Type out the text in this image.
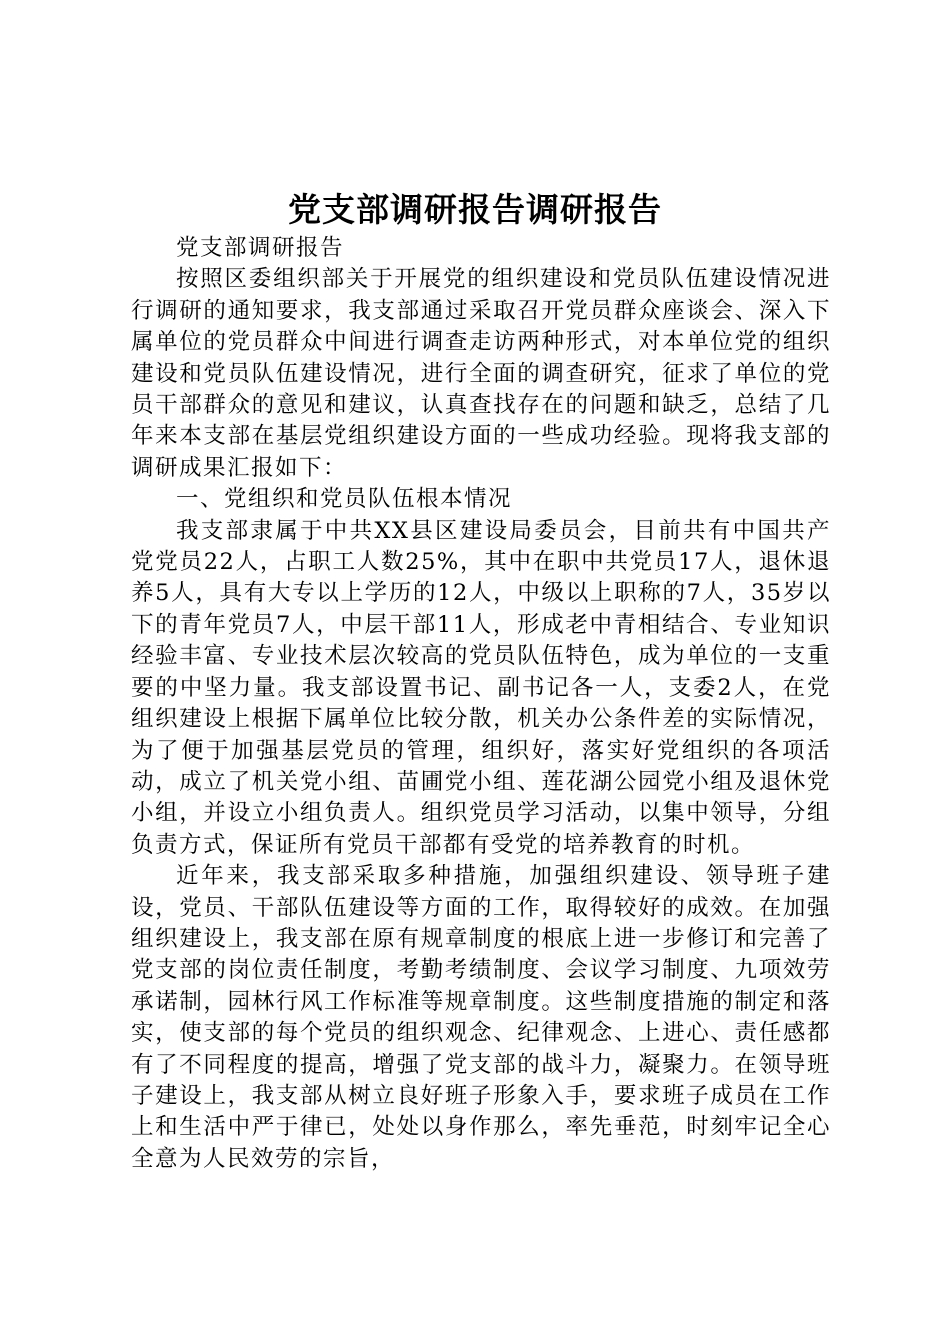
党支部调研报告调研报告

党支部调研报告

按照区委组织部关于开展党的组织建设和党员队伍建设情况进行调研的通知要求，我支部通过采取召开党员群众座谈会、深入下属单位的党员群众中间进行调查走访两种形式，对本单位党的组织建设和党员队伍建设情况，进行全面的调查研究，征求了单位的党员干部群众的意见和建议，认真查找存在的问题和缺乏，总结了几年来本支部在基层党组织建设方面的一些成功经验。现将我支部的调研成果汇报如下：

一、党组织和党员队伍根本情况

我支部隶属于中共XX县区建设局委员会，目前共有中国共产党党员22人，占职工人数25%，其中在职中共党员17人，退休退养5人，具有大专以上学历的12人，中级以上职称的7人，35岁以下的青年党员7人，中层干部11人，形成老中青相结合、专业知识经验丰富、专业技术层次较高的党员队伍特色，成为单位的一支重要的中坚力量。我支部设置书记、副书记各一人，支委2人，在党组织建设上根据下属单位比较分散，机关办公条件差的实际情况，为了便于加强基层党员的管理，组织好，落实好党组织的各项活动，成立了机关党小组、苗圃党小组、莲花湖公园党小组及退休党小组，并设立小组负责人。组织党员学习活动，以集中领导，分组负责方式，保证所有党员干部都有受党的培养教育的时机。

近年来，我支部采取多种措施，加强组织建设、领导班子建设，党员、干部队伍建设等方面的工作，取得较好的成效。在加强组织建设上，我支部在原有规章制度的根底上进一步修订和完善了党支部的岗位责任制度，考勤考绩制度、会议学习制度、九项效劳承诺制，园林行风工作标准等规章制度。这些制度措施的制定和落实，使支部的每个党员的组织观念、纪律观念、上进心、责任感都有了不同程度的提高，增强了党支部的战斗力，凝聚力。在领导班子建设上，我支部从树立良好班子形象入手，要求班子成员在工作上和生活中严于律已，处处以身作那么，率先垂范，时刻牢记全心全意为人民效劳的宗旨，
